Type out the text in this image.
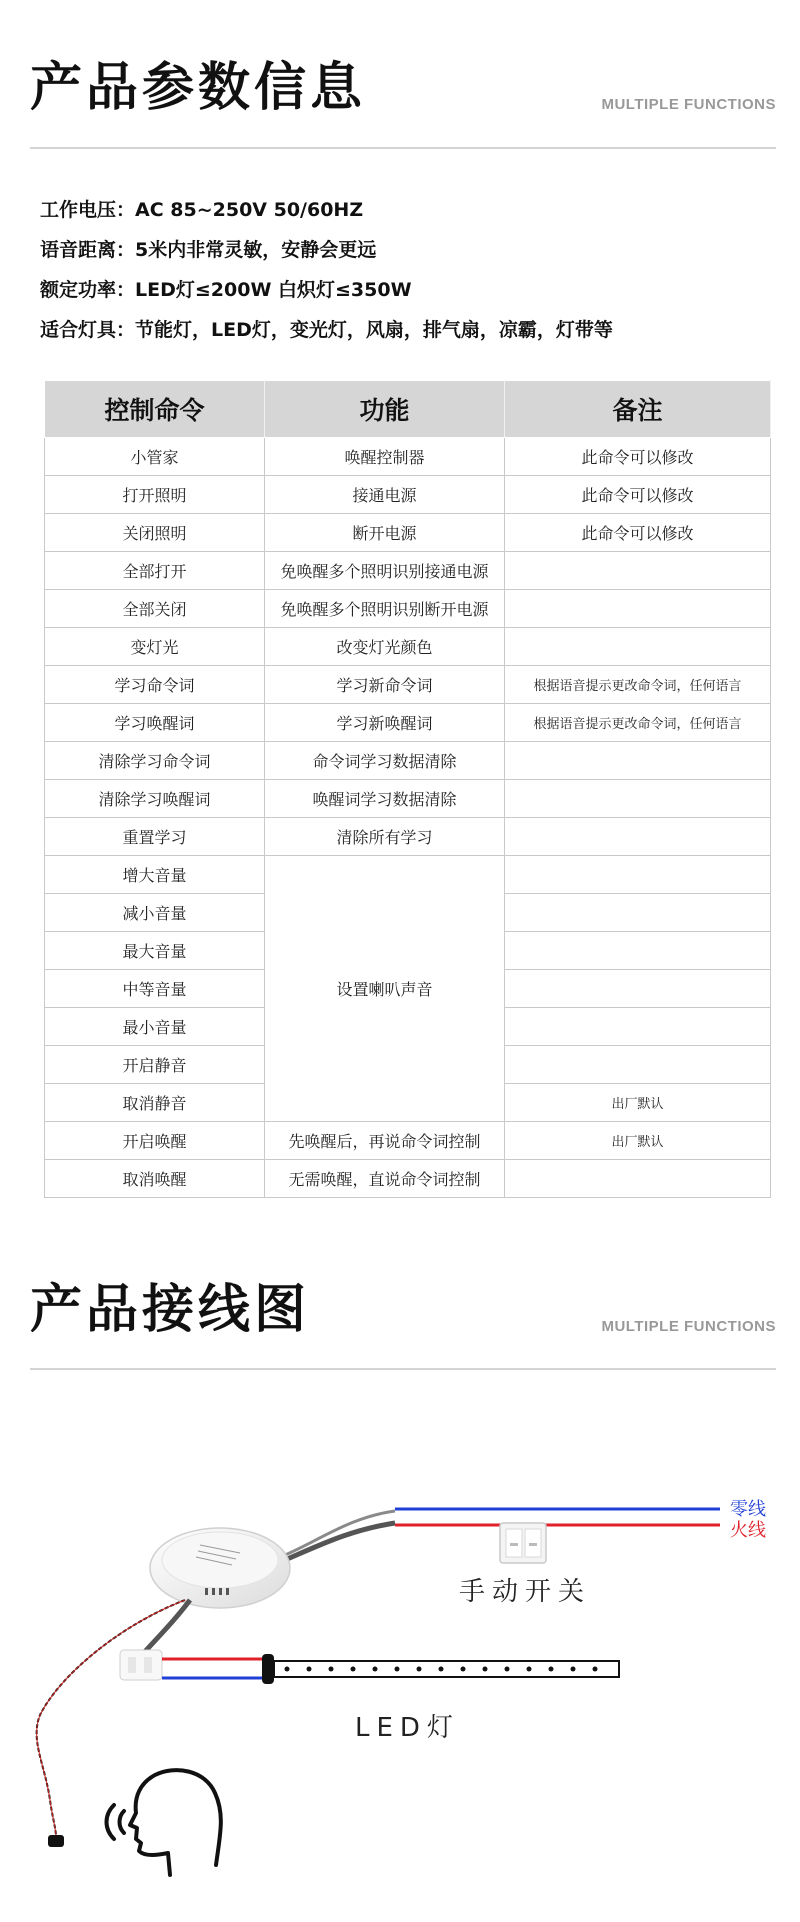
产品参数信息	MULTIPLE FUNCTIONS
工作电压：AC 85~250V 50/60HZ
语音距离：5米内非常灵敏，安静会更远
额定功率：LED灯≤200W 白炽灯≤350W
适合灯具：节能灯，LED灯，变光灯，风扇，排气扇，凉霸，灯带等
控制命令	功能	备注
小管家	唤醒控制器	此命令可以修改
打开照明	接通电源	此命令可以修改
关闭照明	断开电源	此命令可以修改
全部打开	免唤醒多个照明识别接通电源	
全部关闭	免唤醒多个照明识别断开电源	
变灯光	改变灯光颜色	
学习命令词	学习新命令词	根据语音提示更改命令词，任何语言
学习唤醒词	学习新唤醒词	根据语音提示更改命令词，任何语言
清除学习命令词	命令词学习数据清除	
清除学习唤醒词	唤醒词学习数据清除	
重置学习	清除所有学习	
增大音量	设置喇叭声音	
减小音量		
最大音量		
中等音量		
最小音量		
开启静音		
取消静音		出厂默认
开启唤醒	先唤醒后，再说命令词控制	出厂默认
取消唤醒	无需唤醒，直说命令词控制	
产品接线图	MULTIPLE FUNCTIONS
零线
火线
手动开关
LED灯
